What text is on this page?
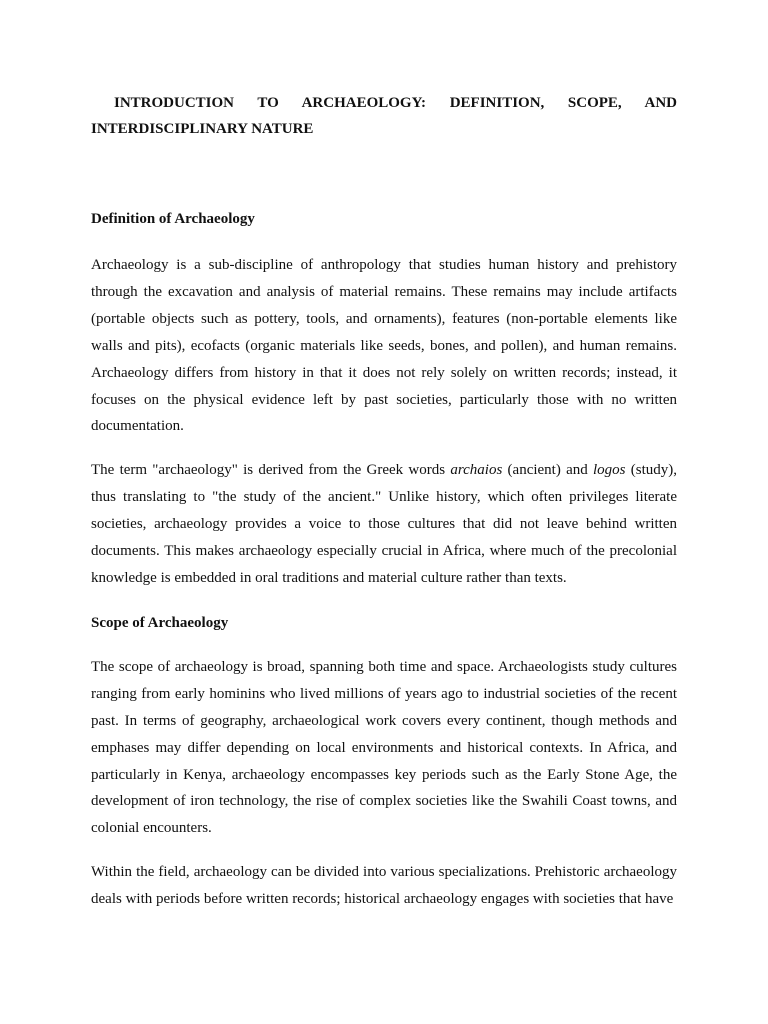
INTRODUCTION TO ARCHAEOLOGY: DEFINITION, SCOPE, AND
INTERDISCIPLINARY NATURE
Definition of Archaeology

Archaeology is a sub-discipline of anthropology that studies human history and prehistory through the excavation and analysis of material remains. These remains may include artifacts (portable objects such as pottery, tools, and ornaments), features (non-portable elements like walls and pits), ecofacts (organic materials like seeds, bones, and pollen), and human remains. Archaeology differs from history in that it does not rely solely on written records; instead, it focuses on the physical evidence left by past societies, particularly those with no written documentation.

The term "archaeology" is derived from the Greek words archaios (ancient) and logos (study), thus translating to "the study of the ancient." Unlike history, which often privileges literate societies, archaeology provides a voice to those cultures that did not leave behind written documents. This makes archaeology especially crucial in Africa, where much of the precolonial knowledge is embedded in oral traditions and material culture rather than texts.

Scope of Archaeology

The scope of archaeology is broad, spanning both time and space. Archaeologists study cultures ranging from early hominins who lived millions of years ago to industrial societies of the recent past. In terms of geography, archaeological work covers every continent, though methods and emphases may differ depending on local environments and historical contexts. In Africa, and particularly in Kenya, archaeology encompasses key periods such as the Early Stone Age, the development of iron technology, the rise of complex societies like the Swahili Coast towns, and colonial encounters.

Within the field, archaeology can be divided into various specializations. Prehistoric archaeology deals with periods before written records; historical archaeology engages with societies that have
